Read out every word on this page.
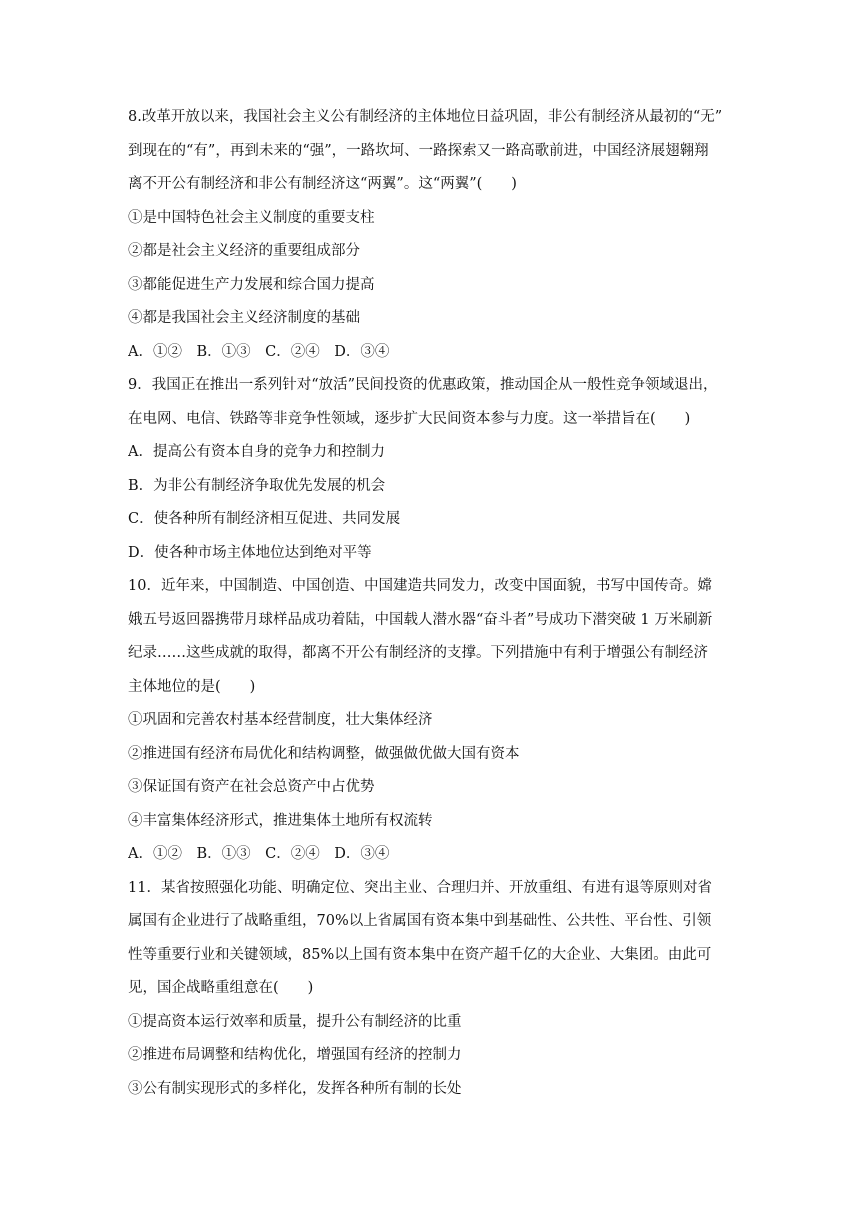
8.改革开放以来，我国社会主义公有制经济的主体地位日益巩固，非公有制经济从最初的“无”
到现在的“有”，再到未来的“强”，一路坎坷、一路探索又一路高歌前进，中国经济展翅翱翔
离不开公有制经济和非公有制经济这“两翼”。这“两翼”(　　)
①是中国特色社会主义制度的重要支柱
②都是社会主义经济的重要组成部分
③都能促进生产力发展和综合国力提高
④都是我国社会主义经济制度的基础
A．①②　B．①③　C．②④　D．③④
9．我国正在推出一系列针对“放活”民间投资的优惠政策，推动国企从一般性竞争领域退出，
在电网、电信、铁路等非竞争性领域，逐步扩大民间资本参与力度。这一举措旨在(　　)
A．提高公有资本自身的竞争力和控制力
B．为非公有制经济争取优先发展的机会
C．使各种所有制经济相互促进、共同发展
D．使各种市场主体地位达到绝对平等
10．近年来，中国制造、中国创造、中国建造共同发力，改变中国面貌，书写中国传奇。嫦
娥五号返回器携带月球样品成功着陆，中国载人潜水器“奋斗者”号成功下潜突破 1 万米刷新
纪录……这些成就的取得，都离不开公有制经济的支撑。下列措施中有利于增强公有制经济
主体地位的是(　　)
①巩固和完善农村基本经营制度，壮大集体经济
②推进国有经济布局优化和结构调整，做强做优做大国有资本
③保证国有资产在社会总资产中占优势
④丰富集体经济形式，推进集体土地所有权流转
A．①②　B．①③　C．②④　D．③④
11．某省按照强化功能、明确定位、突出主业、合理归并、开放重组、有进有退等原则对省
属国有企业进行了战略重组，70%以上省属国有资本集中到基础性、公共性、平台性、引领
性等重要行业和关键领域，85%以上国有资本集中在资产超千亿的大企业、大集团。由此可
见，国企战略重组意在(　　)
①提高资本运行效率和质量，提升公有制经济的比重
②推进布局调整和结构优化，增强国有经济的控制力
③公有制实现形式的多样化，发挥各种所有制的长处
